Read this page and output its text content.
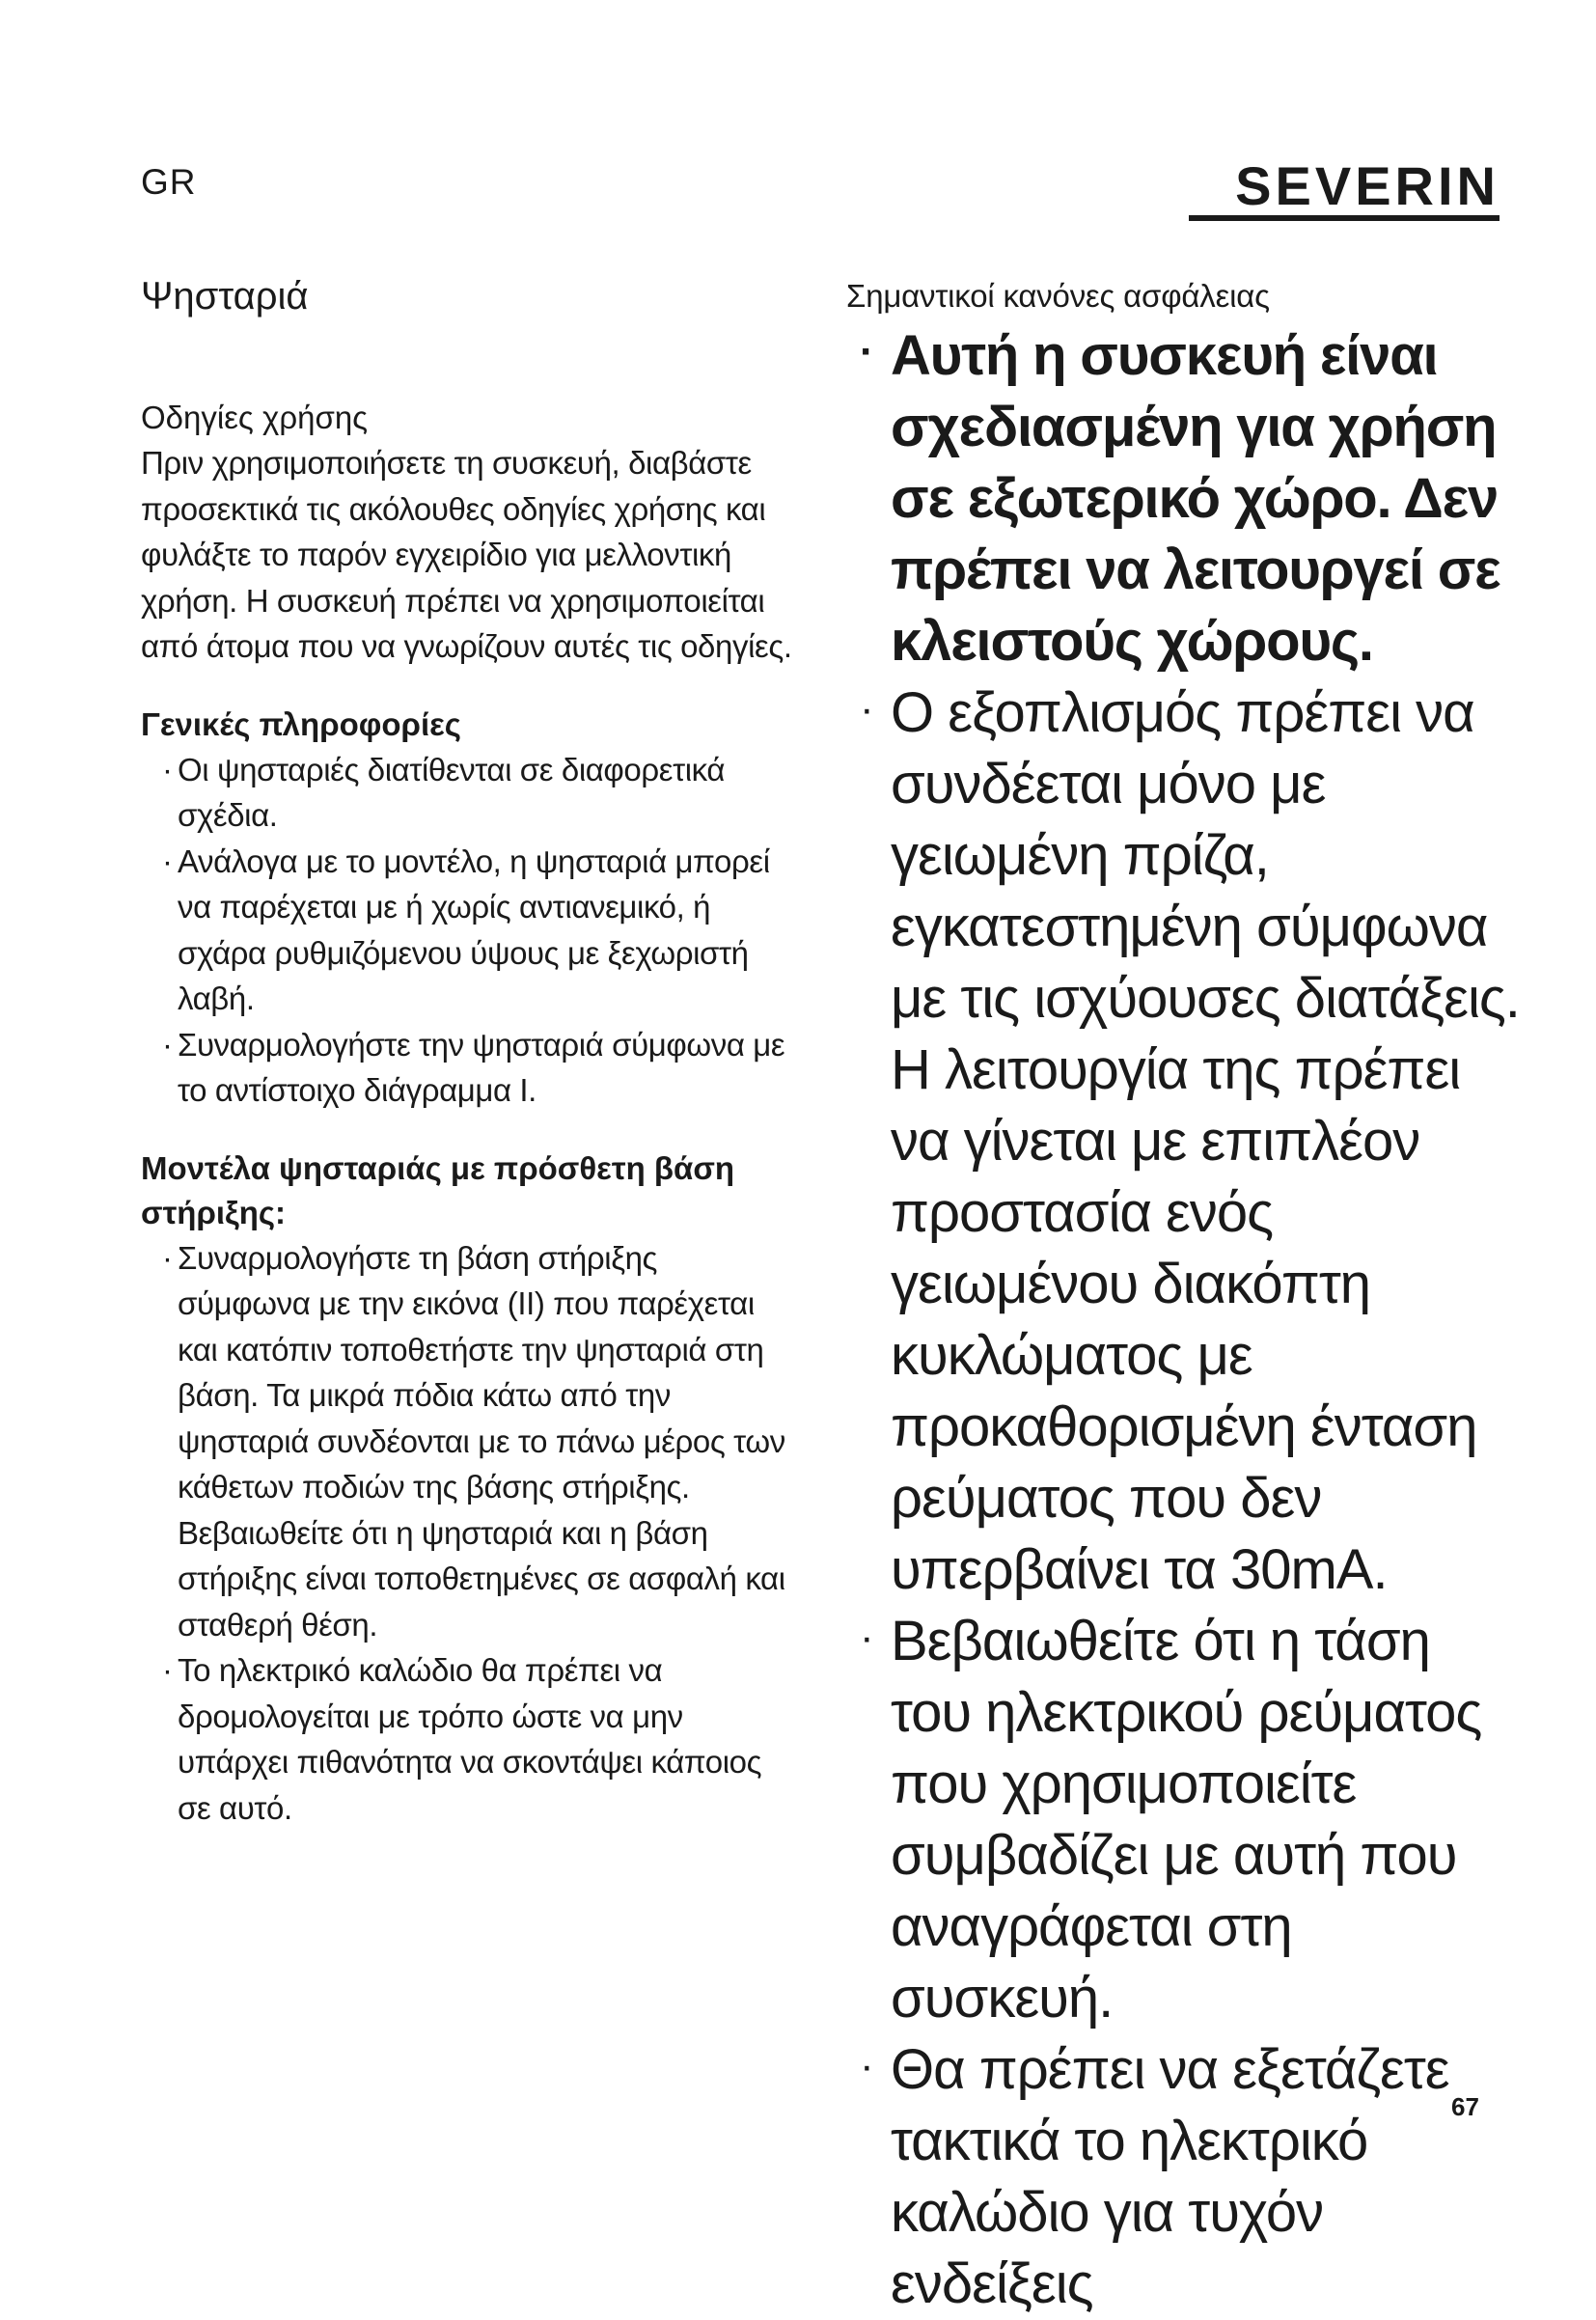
GR	SEVERIN
Ψησταριά
Οδηγίες χρήσης

Πριν χρησιμοποιήσετε τη συσκευή, διαβάστε προσεκτικά τις ακόλουθες οδηγίες χρήσης και φυλάξτε το παρόν εγχειρίδιο για μελλοντική χρήση. Η συσκευή πρέπει να χρησιμοποιείται από άτομα που να γνωρίζουν αυτές τις οδηγίες.

Γενικές πληροφορίες
· Οι ψησταριές διατίθενται σε διαφορετικά σχέδια.
· Ανάλογα με το μοντέλο, η ψησταριά μπορεί να παρέχεται με ή χωρίς αντιανεμικό, ή σχάρα ρυθμιζόμενου ύψους με ξεχωριστή λαβή.
· Συναρμολογήστε την ψησταριά σύμφωνα με το αντίστοιχο διάγραμμα I.
Μοντέλα ψησταριάς με πρόσθετη βάση στήριξης:
· Συναρμολογήστε τη βάση στήριξης σύμφωνα με την εικόνα (II) που παρέχεται και κατόπιν τοποθετήστε την ψησταριά στη βάση. Τα μικρά πόδια κάτω από την ψησταριά συνδέονται με το πάνω μέρος των κάθετων ποδιών της βάσης στήριξης.
Βεβαιωθείτε ότι η ψησταριά και η βάση στήριξης είναι τοποθετημένες σε ασφαλή και σταθερή θέση.
· Το ηλεκτρικό καλώδιο θα πρέπει να δρομολογείται με τρόπο ώστε να μην υπάρχει πιθανότητα να σκοντάψει κάποιος σε αυτό.
Σημαντικοί κανόνες ασφάλειας
· Αυτή η συσκευή είναι σχεδιασμένη για χρήση σε εξωτερικό χώρο. Δεν πρέπει να λειτουργεί σε κλειστούς χώρους.
· Ο εξοπλισμός πρέπει να συνδέεται μόνο με γειωμένη πρίζα, εγκατεστημένη σύμφωνα με τις ισχύουσες διατάξεις. Η λειτουργία της πρέπει να γίνεται με επιπλέον προστασία ενός γειωμένου διακόπτη κυκλώματος με προκαθορισμένη ένταση ρεύματος που δεν υπερβαίνει τα 30mA.
· Βεβαιωθείτε ότι η τάση του ηλεκτρικού ρεύματος που χρησιμοποιείτε συμβαδίζει με αυτή που αναγράφεται στη συσκευή.
· Θα πρέπει να εξετάζετε τακτικά το ηλεκτρικό καλώδιο για τυχόν ενδείξεις
67
